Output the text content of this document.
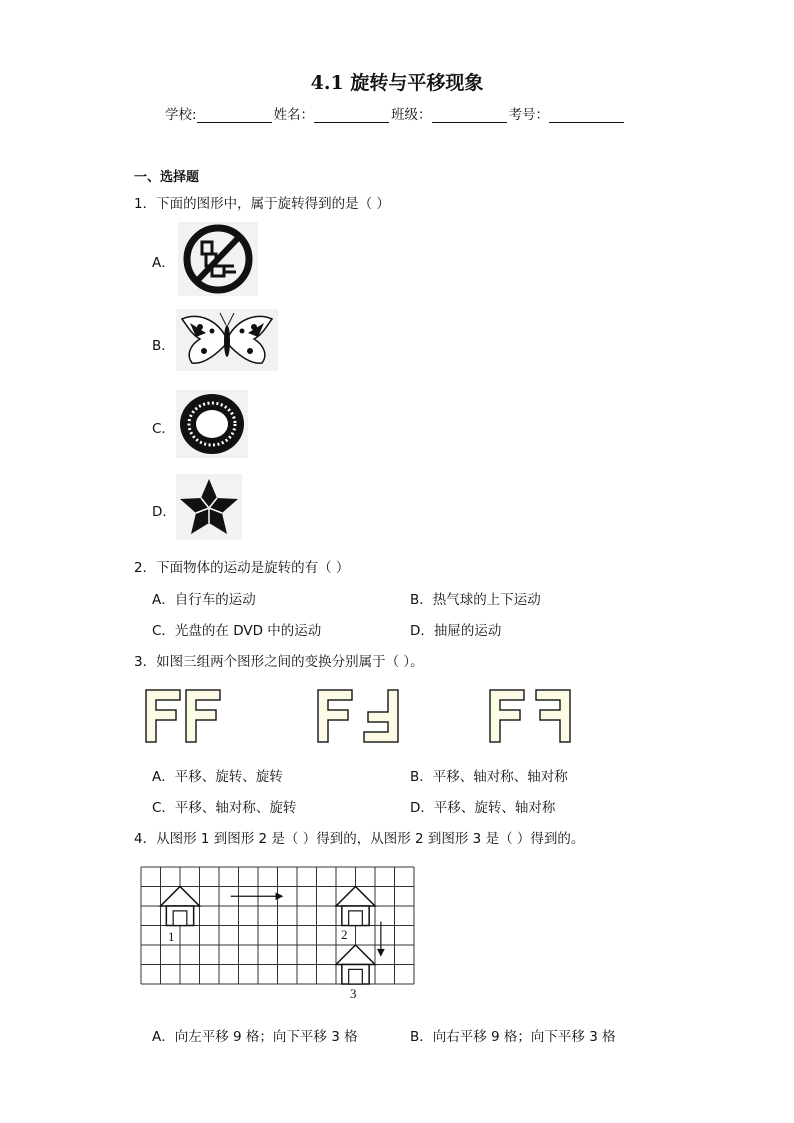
4.1 旋转与平移现象
学校:	姓名：	班级：	考号：
一、选择题
1．下面的图形中，属于旋转得到的是（ ）
A．
B．
C．
D．
2．下面物体的运动是旋转的有（ ）
A．自行车的运动	B．热气球的上下运动
C．光盘的在 DVD 中的运动	D．抽屉的运动
3．如图三组两个图形之间的变换分别属于（ ）。
A．平移、旋转、旋转	B．平移、轴对称、轴对称
C．平移、轴对称、旋转	D．平移、旋转、轴对称
4．从图形 1 到图形 2 是（ ）得到的，从图形 2 到图形 3 是（ ）得到的。
1	2
3
A．向左平移 9 格；向下平移 3 格	B．向右平移 9 格；向下平移 3 格
